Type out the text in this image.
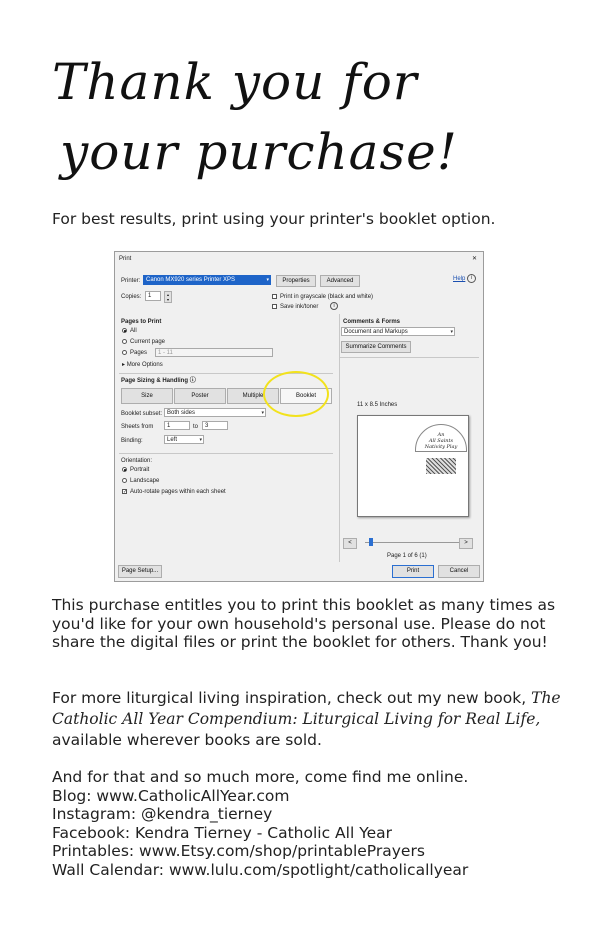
Thank you for
your purchase!
For best results, print using your printer's booklet option.
Print	✕
Printer: Canon MX920 series Printer XPS	▾	Properties	Advanced	Help	i
Copies:	1	▴
▾	Print in grayscale (black and white)
Save ink/toner	i
Pages to Print
All
Current page
Pages	1 - 11
▸ More Options
Page Sizing & Handling ⓘ
Size	Poster	Multiple	Booklet
Booklet subset: Both sides	▾
Sheets from	1	to	3
Binding:	Left	▾
Orientation:
Portrait
Landscape
✓ Auto-rotate pages within each sheet
Comments & Forms
Document and Markups	▾
Summarize Comments
11 x 8.5 Inches
An
All Saints
Nativity Play
<	>
Page 1 of 6 (1)
Page Setup...	Print	Cancel
This purchase entitles you to print this booklet as many times as you'd like for your own household's personal use. Please do not share the digital files or print the booklet for others. Thank you!
For more liturgical living inspiration, check out my new book, The Catholic All Year Compendium: Liturgical Living for Real Life, available wherever books are sold.
And for that and so much more, come find me online.
Blog: www.CatholicAllYear.com
Instagram: @kendra_tierney
Facebook: Kendra Tierney - Catholic All Year
Printables: www.Etsy.com/shop/printablePrayers
Wall Calendar: www.lulu.com/spotlight/catholicallyear
